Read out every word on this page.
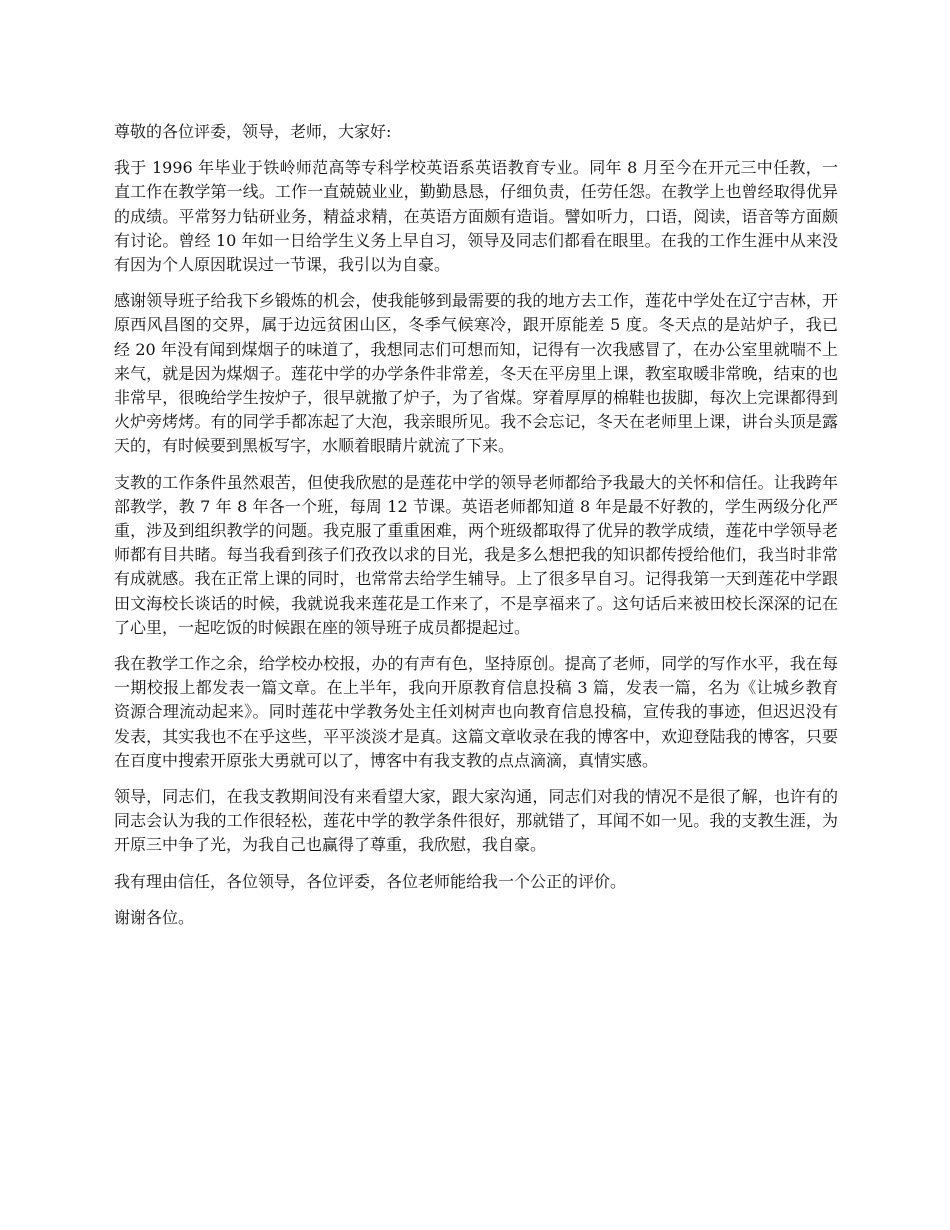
尊敬的各位评委，领导，老师，大家好:

我于 1996 年毕业于铁岭师范高等专科学校英语系英语教育专业。同年 8 月至今在开元三中任教，一直工作在教学第一线。工作一直兢兢业业，勤勤恳恳，仔细负责，任劳任怨。在教学上也曾经取得优异的成绩。平常努力钻研业务，精益求精，在英语方面颇有造诣。譬如听力，口语，阅读，语音等方面颇有讨论。曾经 10 年如一日给学生义务上早自习，领导及同志们都看在眼里。在我的工作生涯中从来没有因为个人原因耽误过一节课，我引以为自豪。

感谢领导班子给我下乡锻炼的机会，使我能够到最需要的我的地方去工作，莲花中学处在辽宁吉林，开原西风昌图的交界，属于边远贫困山区，冬季气候寒冷，跟开原能差 5 度。冬天点的是站炉子，我已经 20 年没有闻到煤烟子的味道了，我想同志们可想而知，记得有一次我感冒了，在办公室里就喘不上来气，就是因为煤烟子。莲花中学的办学条件非常差，冬天在平房里上课，教室取暖非常晚，结束的也非常早，很晚给学生按炉子，很早就撤了炉子，为了省煤。穿着厚厚的棉鞋也拔脚，每次上完课都得到火炉旁烤烤。有的同学手都冻起了大泡，我亲眼所见。我不会忘记，冬天在老师里上课，讲台头顶是露天的，有时候要到黑板写字，水顺着眼睛片就流了下来。

支教的工作条件虽然艰苦，但使我欣慰的是莲花中学的领导老师都给予我最大的关怀和信任。让我跨年部教学，教 7 年 8 年各一个班，每周 12 节课。英语老师都知道 8 年是最不好教的，学生两级分化严重，涉及到组织教学的问题。我克服了重重困难，两个班级都取得了优异的教学成绩，莲花中学领导老师都有目共睹。每当我看到孩子们孜孜以求的目光，我是多么想把我的知识都传授给他们，我当时非常有成就感。我在正常上课的同时，也常常去给学生辅导。上了很多早自习。记得我第一天到莲花中学跟田文海校长谈话的时候，我就说我来莲花是工作来了，不是享福来了。这句话后来被田校长深深的记在了心里，一起吃饭的时候跟在座的领导班子成员都提起过。

我在教学工作之余，给学校办校报，办的有声有色，坚持原创。提高了老师，同学的写作水平，我在每一期校报上都发表一篇文章。在上半年，我向开原教育信息投稿 3 篇，发表一篇，名为《让城乡教育资源合理流动起来》。同时莲花中学教务处主任刘树声也向教育信息投稿，宣传我的事迹，但迟迟没有发表，其实我也不在乎这些，平平淡淡才是真。这篇文章收录在我的博客中，欢迎登陆我的博客，只要在百度中搜索开原张大勇就可以了，博客中有我支教的点点滴滴，真情实感。

领导，同志们，在我支教期间没有来看望大家，跟大家沟通，同志们对我的情况不是很了解，也许有的同志会认为我的工作很轻松，莲花中学的教学条件很好，那就错了，耳闻不如一见。我的支教生涯，为开原三中争了光，为我自己也赢得了尊重，我欣慰，我自豪。

我有理由信任，各位领导，各位评委，各位老师能给我一个公正的评价。

谢谢各位。
